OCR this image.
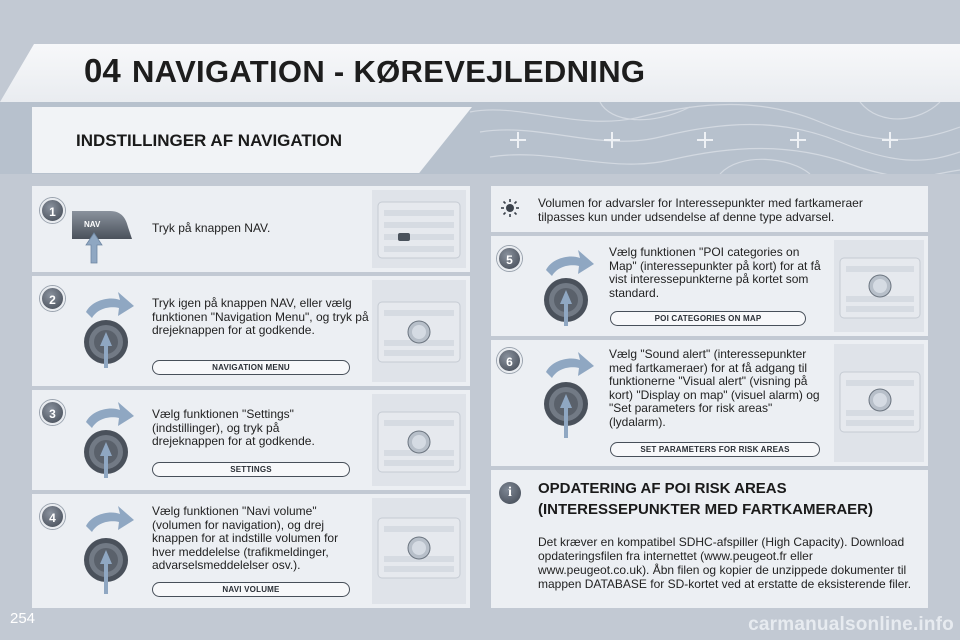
04 NAVIGATION - KØREVEJLEDNING
INDSTILLINGER AF NAVIGATION
1
NAV	Tryk på knappen NAV.
2	Tryk igen på knappen NAV, eller vælg funktionen "Navigation Menu", og tryk på drejeknappen for at godkende.
NAVIGATION MENU
3	Vælg funktionen "Settings" (indstillinger), og tryk på drejeknappen for at godkende.
SETTINGS
4	Vælg funktionen "Navi volume" (volumen for navigation), og drej knappen for at indstille volumen for hver meddelelse (trafikmeldinger, advarselsmeddelelser osv.).
NAVI VOLUME
Volumen for advarsler for Interessepunkter med fartkameraer tilpasses kun under udsendelse af denne type advarsel.
5
Vælg funktionen "POI categories on Map" (interessepunkter på kort) for at få vist interessepunkterne på kortet som standard.
POI CATEGORIES ON MAP
6
Vælg "Sound alert" (interessepunkter med fartkameraer) for at få adgang til funktionerne "Visual alert" (visning på kort) "Display on map" (visuel alarm) og "Set parameters for risk areas" (lydalarm).
SET PARAMETERS FOR RISK AREAS
i	OPDATERING AF POI RISK AREAS
(INTERESSEPUNKTER MED FARTKAMERAER)
Det kræver en kompatibel SDHC-afspiller (High Capacity). Download opdateringsfilen fra internettet (www.peugeot.fr eller www.peugeot.co.uk). Åbn filen og kopier de unzippede dokumenter til mappen DATABASE for SD-kortet ved at erstatte de eksisterende filer.
254	carmanualsonline.info
